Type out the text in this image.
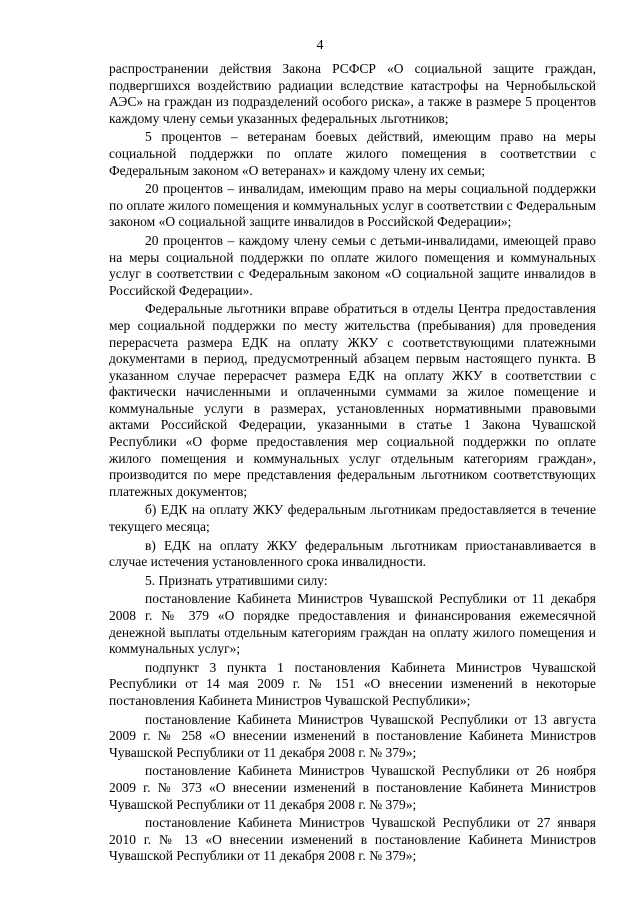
4

распространении действия Закона РСФСР «О социальной защите граждан, подвергшихся воздействию радиации вследствие катастрофы на Чернобыльской АЭС» на граждан из подразделений особого риска», а также в размере 5 процентов каждому члену семьи указанных федеральных льготников;

5 процентов – ветеранам боевых действий, имеющим право на меры социальной поддержки по оплате жилого помещения в соответствии с Федеральным законом «О ветеранах» и каждому члену их семьи;

20 процентов – инвалидам, имеющим право на меры социальной поддержки по оплате жилого помещения и коммунальных услуг в соответствии с Федеральным законом «О социальной защите инвалидов в Российской Федерации»;

20 процентов – каждому члену семьи с детьми-инвалидами, имеющей право на меры социальной поддержки по оплате жилого помещения и коммунальных услуг в соответствии с Федеральным законом «О социальной защите инвалидов в Российской Федерации».

Федеральные льготники вправе обратиться в отделы Центра предоставления мер социальной поддержки по месту жительства (пребывания) для проведения перерасчета размера ЕДК на оплату ЖКУ с соответствующими платежными документами в период, предусмотренный абзацем первым настоящего пункта. В указанном случае перерасчет размера ЕДК на оплату ЖКУ в соответствии с фактически начисленными и оплаченными суммами за жилое помещение и коммунальные услуги в размерах, установленных нормативными правовыми актами Российской Федерации, указанными в статье 1 Закона Чувашской Республики «О форме предоставления мер социальной поддержки по оплате жилого помещения и коммунальных услуг отдельным категориям граждан», производится по мере представления федеральным льготником соответствующих платежных документов;

б) ЕДК на оплату ЖКУ федеральным льготникам предоставляется в течение текущего месяца;

в) ЕДК на оплату ЖКУ федеральным льготникам приостанавливается в случае истечения установленного срока инвалидности.

5. Признать утратившими силу:

постановление Кабинета Министров Чувашской Республики от 11 декабря 2008 г. № 379 «О порядке предоставления и финансирования ежемесячной денежной выплаты отдельным категориям граждан на оплату жилого помещения и коммунальных услуг»;

подпункт 3 пункта 1 постановления Кабинета Министров Чувашской Республики от 14 мая 2009 г. № 151 «О внесении изменений в некоторые постановления Кабинета Министров Чувашской Республики»;

постановление Кабинета Министров Чувашской Республики от 13 августа 2009 г. № 258 «О внесении изменений в постановление Кабинета Министров Чувашской Республики от 11 декабря 2008 г. № 379»;

постановление Кабинета Министров Чувашской Республики от 26 ноября 2009 г. № 373 «О внесении изменений в постановление Кабинета Министров Чувашской Республики от 11 декабря 2008 г. № 379»;

постановление Кабинета Министров Чувашской Республики от 27 января 2010 г. № 13 «О внесении изменений в постановление Кабинета Министров Чувашской Республики от 11 декабря 2008 г. № 379»;
